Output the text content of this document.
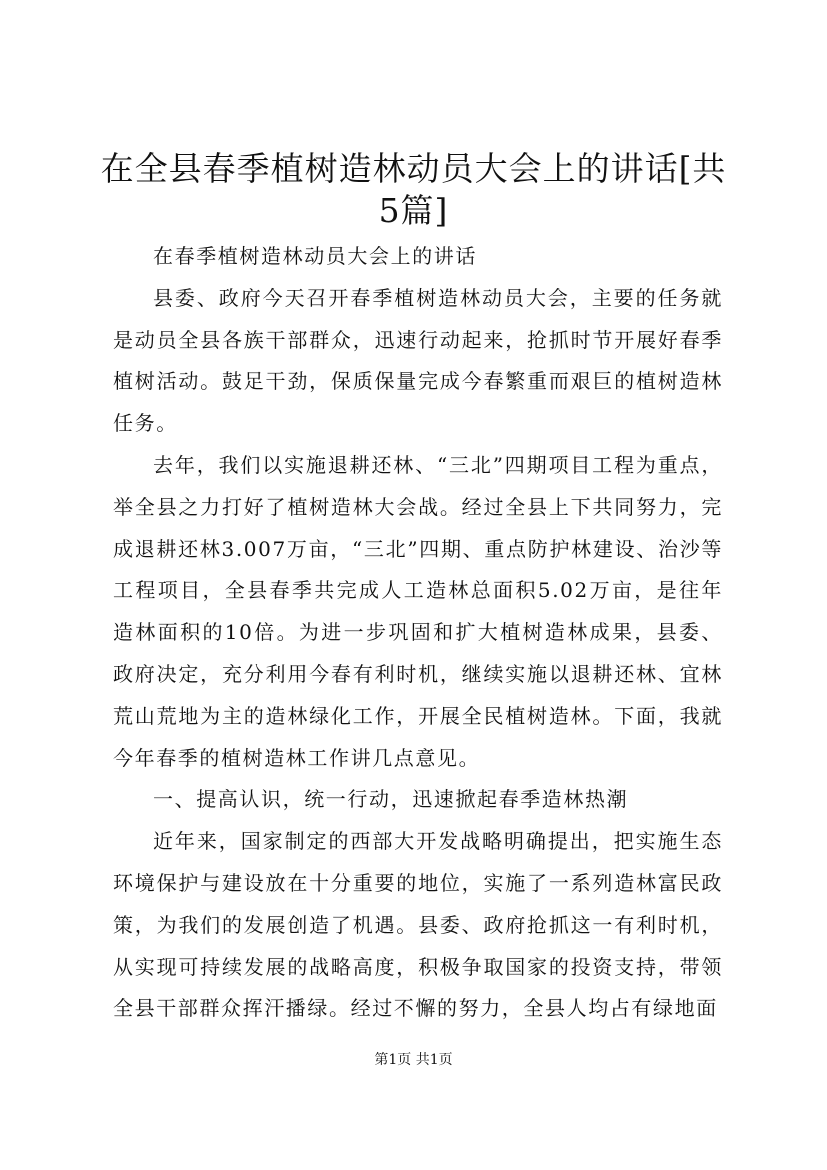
在全县春季植树造林动员大会上的讲话[共5篇]

在春季植树造林动员大会上的讲话

县委、政府今天召开春季植树造林动员大会，主要的任务就是动员全县各族干部群众，迅速行动起来，抢抓时节开展好春季植树活动。鼓足干劲，保质保量完成今春繁重而艰巨的植树造林任务。

去年，我们以实施退耕还林、“三北”四期项目工程为重点，举全县之力打好了植树造林大会战。经过全县上下共同努力，完成退耕还林3.007万亩，“三北”四期、重点防护林建设、治沙等工程项目，全县春季共完成人工造林总面积5.02万亩，是往年造林面积的10倍。为进一步巩固和扩大植树造林成果，县委、政府决定，充分利用今春有利时机，继续实施以退耕还林、宜林荒山荒地为主的造林绿化工作，开展全民植树造林。下面，我就今年春季的植树造林工作讲几点意见。

一、提高认识，统一行动，迅速掀起春季造林热潮

近年来，国家制定的西部大开发战略明确提出，把实施生态环境保护与建设放在十分重要的地位，实施了一系列造林富民政策，为我们的发展创造了机遇。县委、政府抢抓这一有利时机，从实现可持续发展的战略高度，积极争取国家的投资支持，带领全县干部群众挥汗播绿。经过不懈的努力，全县人均占有绿地面

第1页 共1页
